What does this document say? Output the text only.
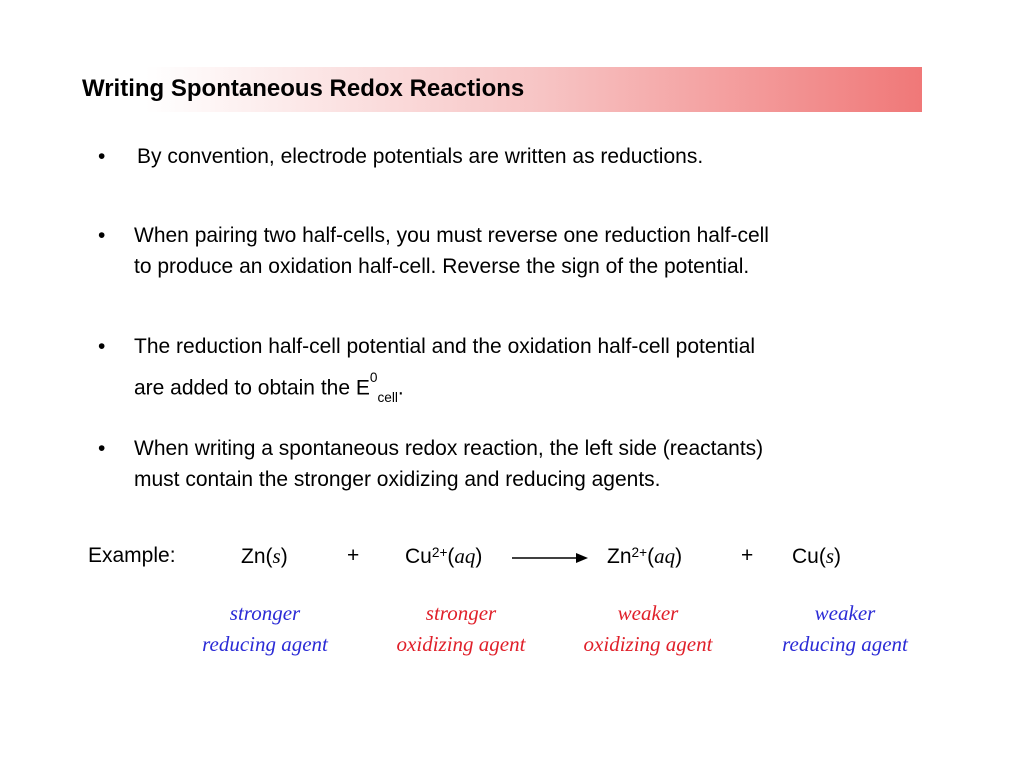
Writing Spontaneous Redox Reactions
• By convention, electrode potentials are written as reductions.
• When pairing two half-cells, you must reverse one reduction half-cell
to produce an oxidation half-cell. Reverse the sign of the potential.
• The reduction half-cell potential and the oxidation half-cell potential
are added to obtain the $E^0_{cell}$.
• When writing a spontaneous redox reaction, the left side (reactants)
must contain the stronger oxidizing and reducing agents.
Example:	Zn(s)	+ $Cu^{2+}(aq)$	$Zn^{2+}(aq)$	+ Cu(s)
stronger
reducing agent
stronger
oxidizing agent
weaker
oxidizing agent
weaker
reducing agent
